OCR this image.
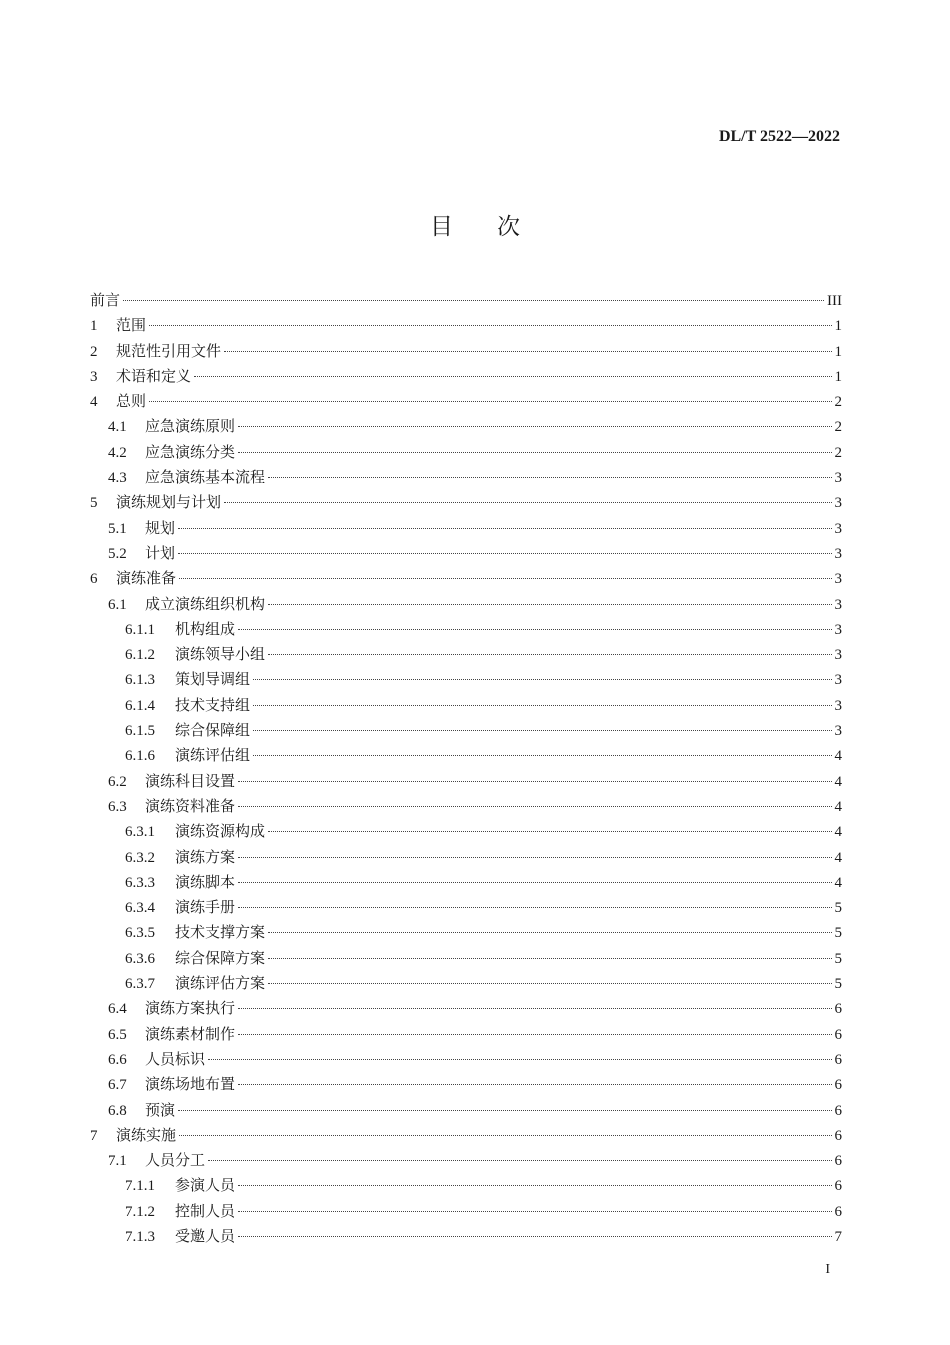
DL/T 2522—2022
目 次
前言	III
1	范围	1
2	规范性引用文件	1
3	术语和定义	1
4	总则	2
4.1	应急演练原则	2
4.2	应急演练分类	2
4.3	应急演练基本流程	3
5	演练规划与计划	3
5.1	规划	3
5.2	计划	3
6	演练准备	3
6.1	成立演练组织机构	3
6.1.1	机构组成	3
6.1.2	演练领导小组	3
6.1.3	策划导调组	3
6.1.4	技术支持组	3
6.1.5	综合保障组	3
6.1.6	演练评估组	4
6.2	演练科目设置	4
6.3	演练资料准备	4
6.3.1	演练资源构成	4
6.3.2	演练方案	4
6.3.3	演练脚本	4
6.3.4	演练手册	5
6.3.5	技术支撑方案	5
6.3.6	综合保障方案	5
6.3.7	演练评估方案	5
6.4	演练方案执行	6
6.5	演练素材制作	6
6.6	人员标识	6
6.7	演练场地布置	6
6.8	预演	6
7	演练实施	6
7.1	人员分工	6
7.1.1	参演人员	6
7.1.2	控制人员	6
7.1.3	受邀人员	7
I
